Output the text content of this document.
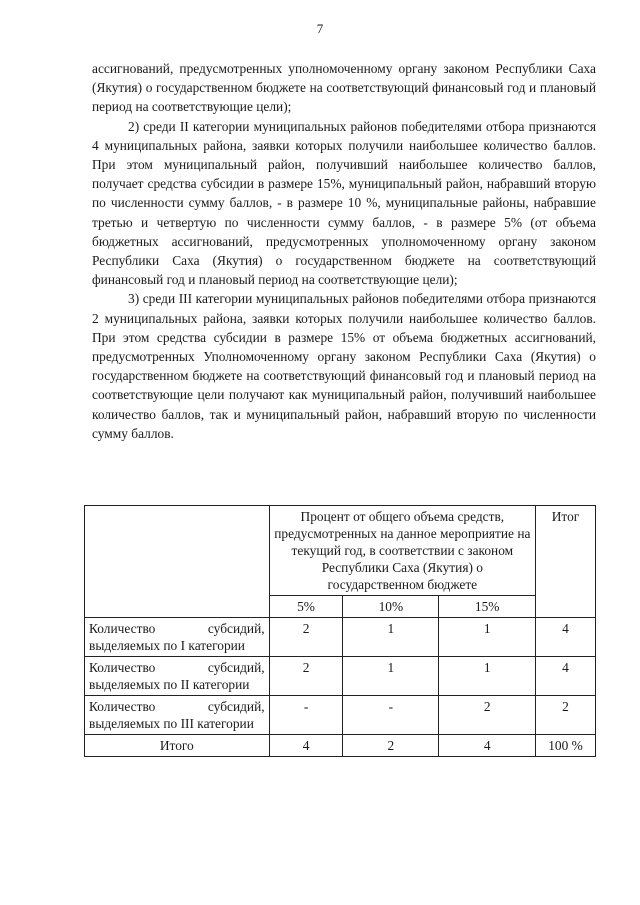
7

ассигнований, предусмотренных уполномоченному органу законом Республики Саха (Якутия) о государственном бюджете на соответствующий финансовый год и плановый период на соответствующие цели);

2) среди II категории муниципальных районов победителями отбора признаются 4 муниципальных района, заявки которых получили наибольшее количество баллов. При этом муниципальный район, получивший наибольшее количество баллов, получает средства субсидии в размере 15%, муниципальный район, набравший вторую по численности сумму баллов, - в размере 10 %, муниципальные районы, набравшие третью и четвертую по численности сумму баллов, - в размере 5% (от объема бюджетных ассигнований, предусмотренных уполномоченному органу законом Республики Саха (Якутия) о государственном бюджете на соответствующий финансовый год и плановый период на соответствующие цели);

3) среди III категории муниципальных районов победителями отбора признаются 2 муниципальных района, заявки которых получили наибольшее количество баллов. При этом средства субсидии в размере 15% от объема бюджетных ассигнований, предусмотренных Уполномоченному органу законом Республики Саха (Якутия) о государственном бюджете на соответствующий финансовый год и плановый период на соответствующие цели получают как муниципальный район, получивший наибольшее количество баллов, так и муниципальный район, набравший вторую по численности сумму баллов.

	Процент от общего объема средств, предусмотренных на данное мероприятие на текущий год, в соответствии с законом Республики Саха (Якутия) о государственном бюджете			Итог
	5%	10%	15%	
Количество субсидий, выделяемых по I категории	2	1	1	4
Количество субсидий, выделяемых по II категории	2	1	1	4
Количество субсидий, выделяемых по III категории	-	-	2	2
Итого	4	2	4	100 %
